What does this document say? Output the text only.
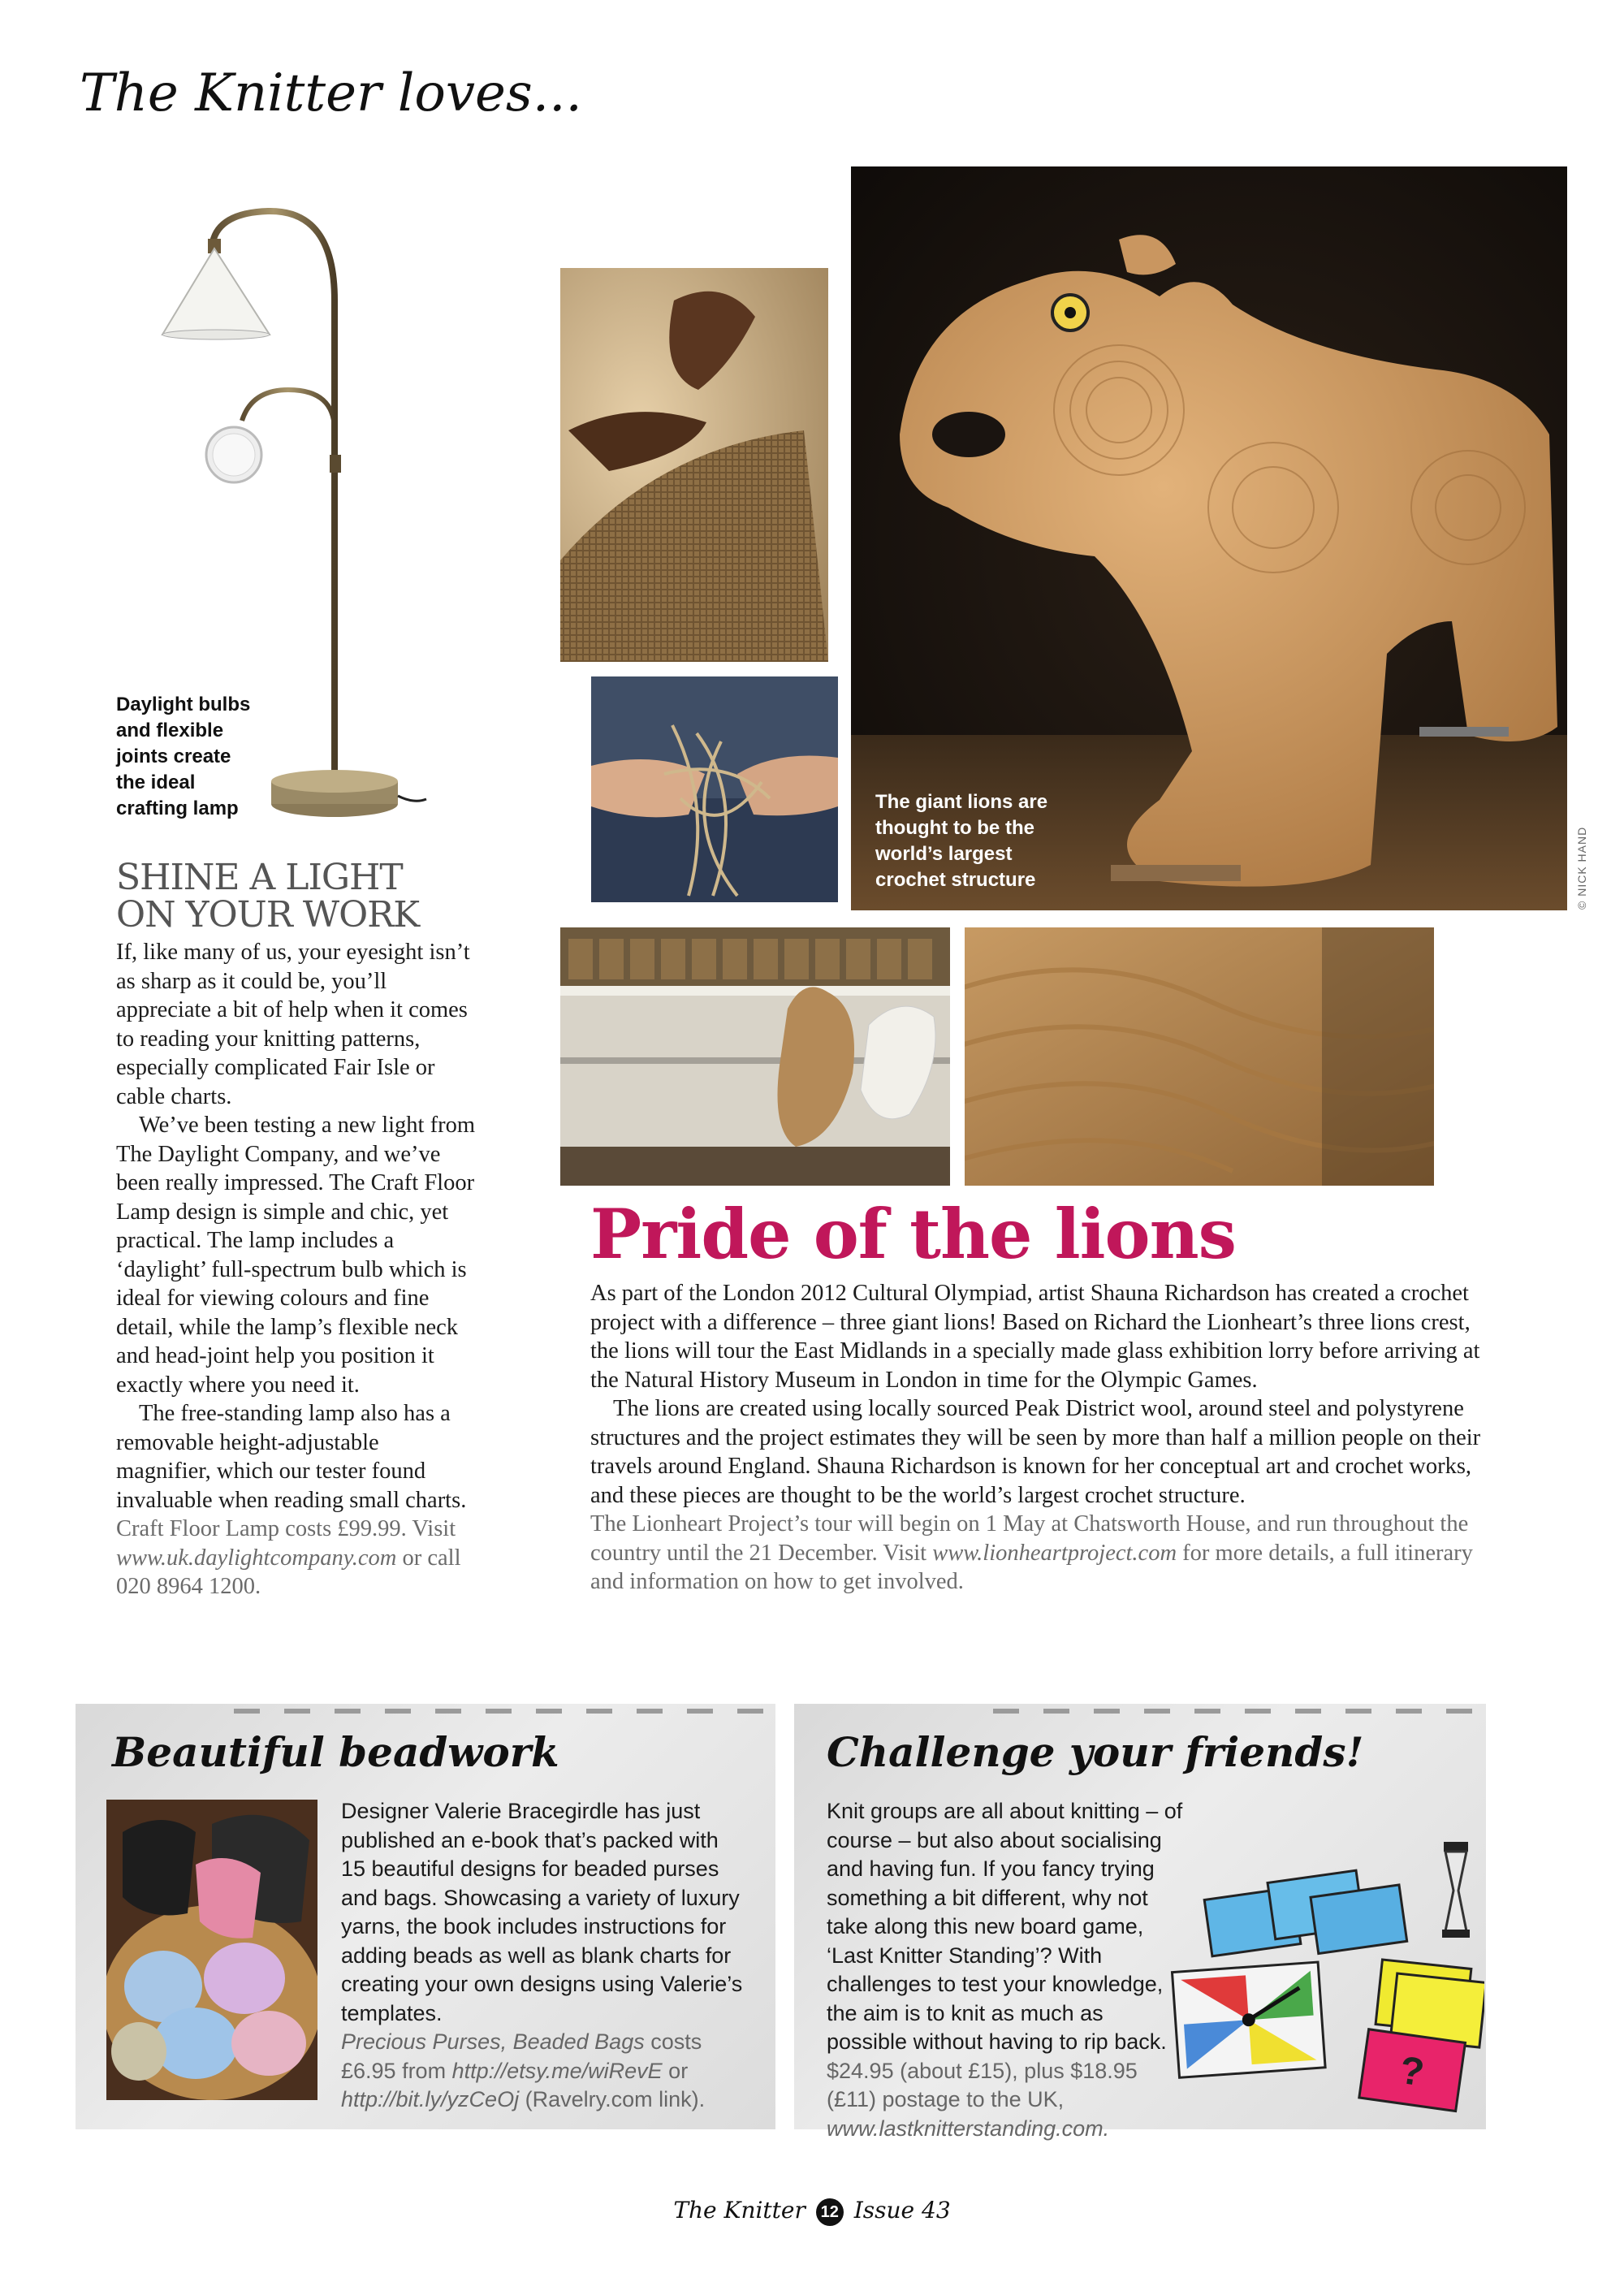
The Knitter loves...
Daylight bulbs and flexible joints create the ideal crafting lamp
SHINE A LIGHT
ON YOUR WORK

If, like many of us, your eyesight isn’t as sharp as it could be, you’ll appreciate a bit of help when it comes to reading your knitting patterns, especially complicated Fair Isle or cable charts.

We’ve been testing a new light from The Daylight Company, and we’ve been really impressed. The Craft Floor Lamp design is simple and chic, yet practical. The lamp includes a ‘daylight’ full-spectrum bulb which is ideal for viewing colours and fine detail, while the lamp’s flexible neck and head-joint help you position it exactly where you need it.

The free-standing lamp also has a removable height-adjustable magnifier, which our tester found invaluable when reading small charts.

Craft Floor Lamp costs £99.99. Visit www.uk.daylightcompany.com or call 020 8964 1200.

The giant lions are thought to be the world’s largest crochet structure	© NICK HAND
Pride of the lions

As part of the London 2012 Cultural Olympiad, artist Shauna Richardson has created a crochet project with a difference – three giant lions! Based on Richard the Lionheart’s three lions crest, the lions will tour the East Midlands in a specially made glass exhibition lorry before arriving at the Natural History Museum in London in time for the Olympic Games.

The lions are created using locally sourced Peak District wool, around steel and polystyrene structures and the project estimates they will be seen by more than half a million people on their travels around England. Shauna Richardson is known for her conceptual art and crochet works, and these pieces are thought to be the world’s largest crochet structure.

The Lionheart Project’s tour will begin on 1 May at Chatsworth House, and run throughout the country until the 21 December. Visit www.lionheartproject.com for more details, a full itinerary and information on how to get involved.

Beautiful beadwork
Designer Valerie Bracegirdle has just published an e-book that’s packed with 15 beautiful designs for beaded purses and bags. Showcasing a variety of luxury yarns, the book includes instructions for adding beads as well as blank charts for creating your own designs using Valerie’s templates.
Precious Purses, Beaded Bags costs £6.95 from http://etsy.me/wiRevE or http://bit.ly/yzCeOj (Ravelry.com link).
Challenge your friends!
Knit groups are all about knitting – of course – but also about socialising and having fun. If you fancy trying something a bit different, why not take along this new board game, ‘Last Knitter Standing’? With challenges to test your knowledge, the aim is to knit as much as possible without having to rip back.
$24.95 (about £15), plus $18.95 (£11) postage to the UK, www.lastknitterstanding.com.
?
The Knitter 12 Issue 43
